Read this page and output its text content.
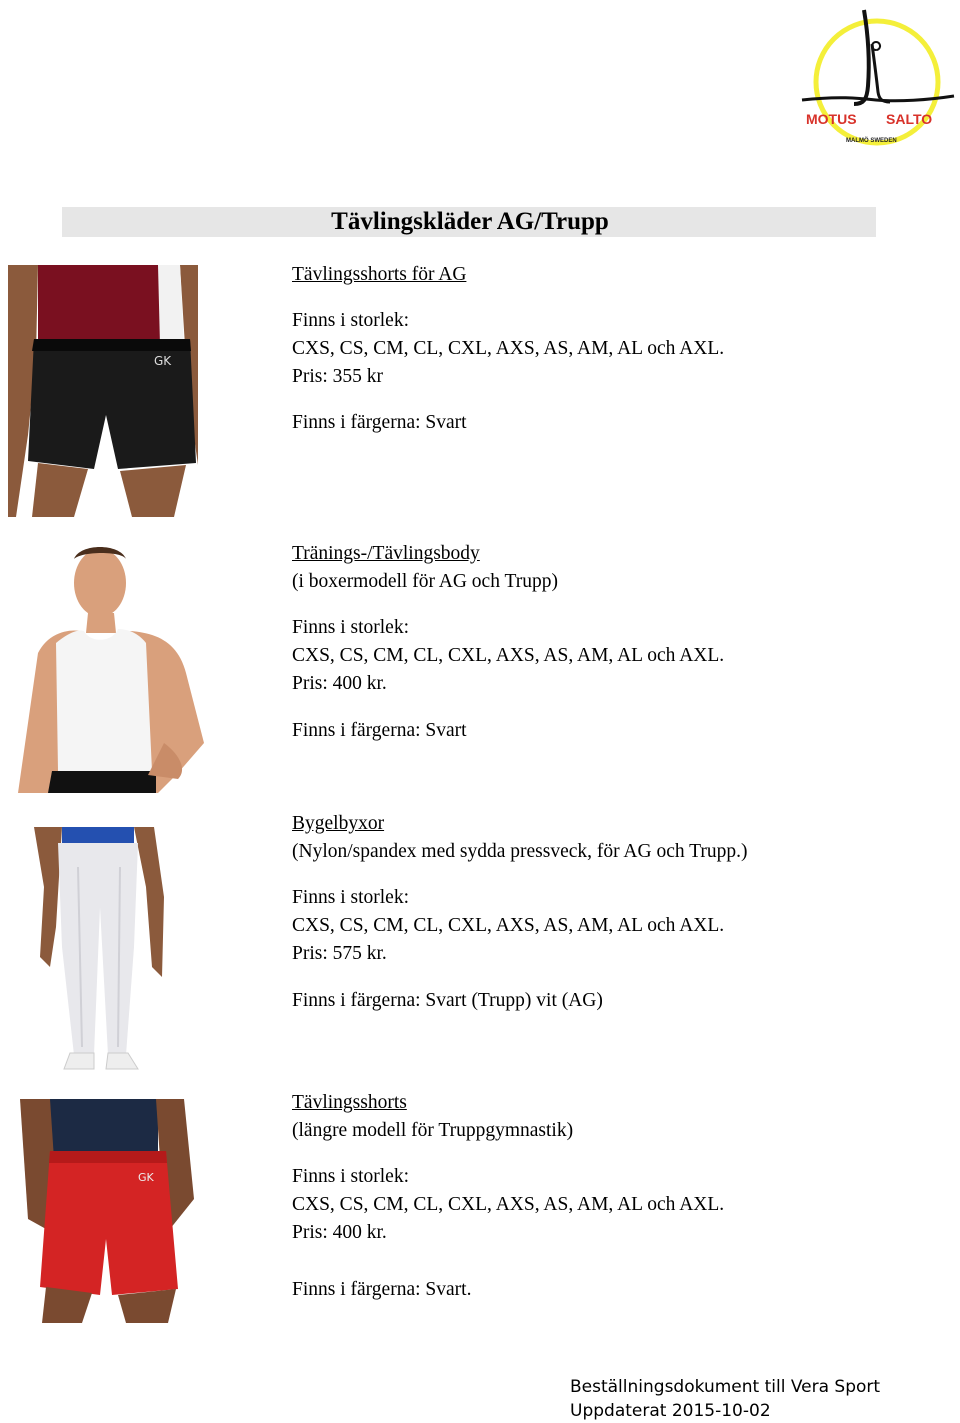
MOTUS SALTO
MALMÖ SWEDEN
Tävlingskläder AG/Trupp
GK
Tävlingsshorts för AG
Finns i storlek:
CXS, CS, CM, CL, CXL, AXS, AS, AM, AL och AXL.
Pris: 355 kr
Finns i färgerna: Svart
Tränings-/Tävlingsbody
(i boxermodell för AG och Trupp)
Finns i storlek:
CXS, CS, CM, CL, CXL, AXS, AS, AM, AL och AXL.
Pris: 400 kr.
Finns i färgerna: Svart
Bygelbyxor
(Nylon/spandex med sydda pressveck, för AG och Trupp.)
Finns i storlek:
CXS, CS, CM, CL, CXL, AXS, AS, AM, AL och AXL.
Pris: 575 kr.
Finns i färgerna: Svart (Trupp) vit (AG)
GK
Tävlingsshorts
(längre modell för Truppgymnastik)
Finns i storlek:
CXS, CS, CM, CL, CXL, AXS, AS, AM, AL och AXL.
Pris: 400 kr.
Finns i färgerna: Svart.
Beställningsdokument till Vera Sport
Uppdaterat 2015-10-02
